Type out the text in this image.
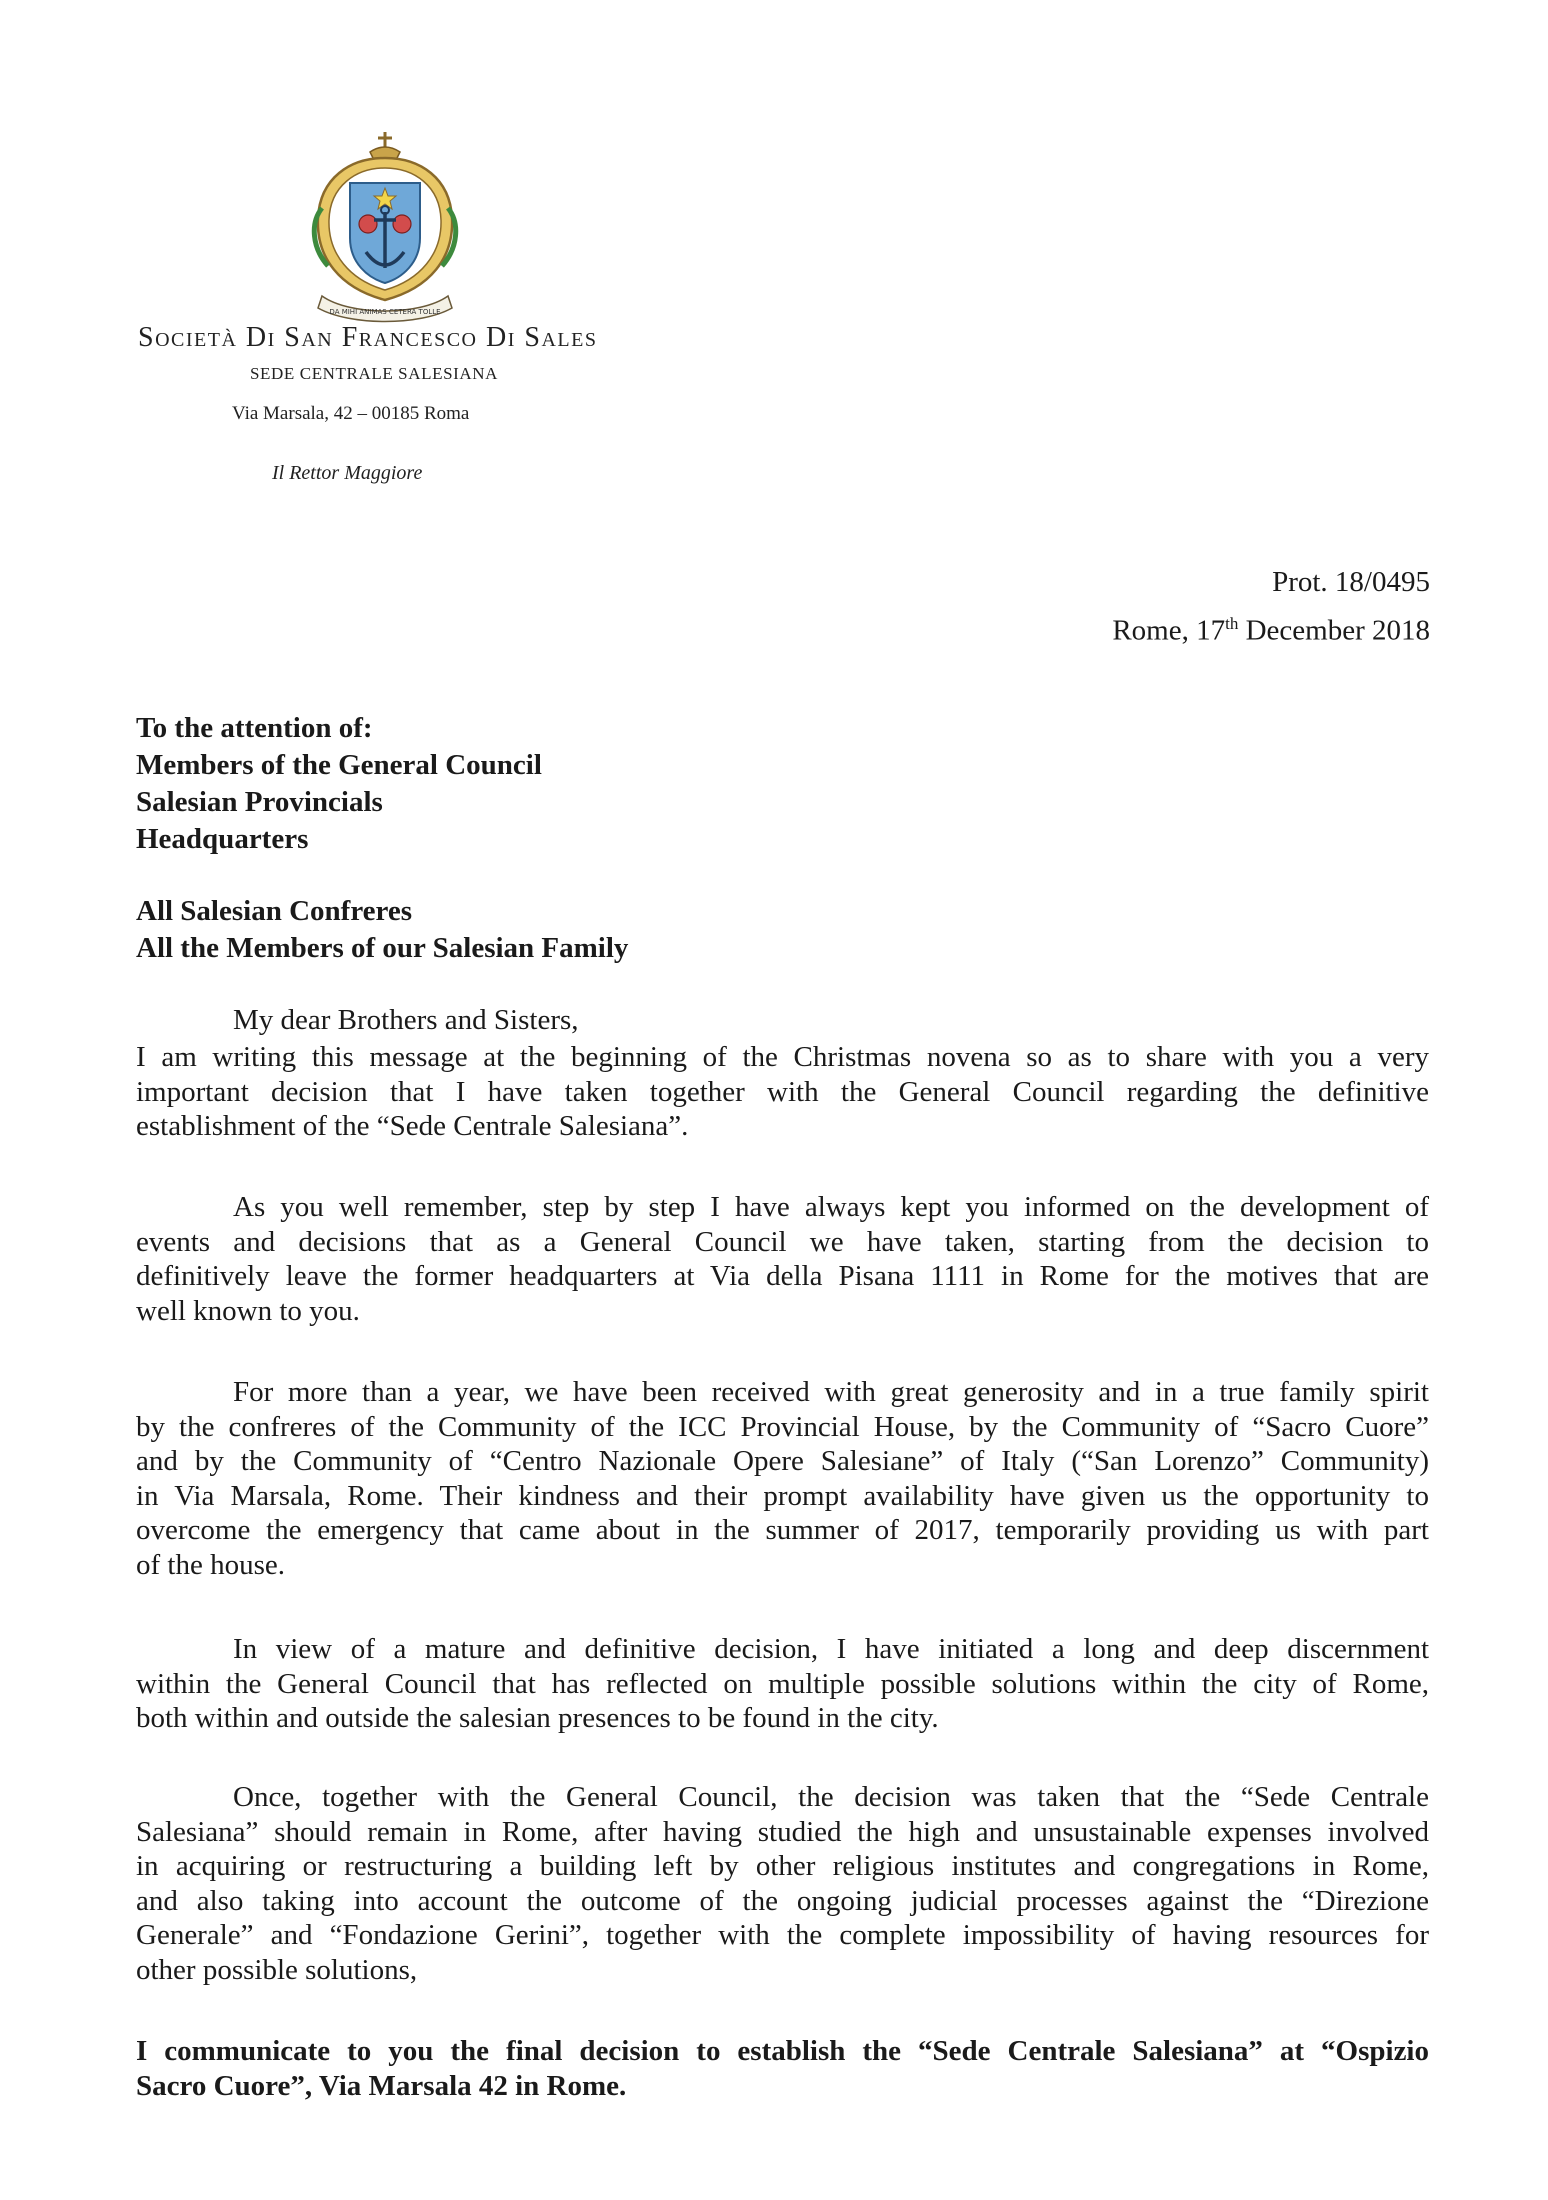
DA MIHI ANIMAS CETERA TOLLE
Società Di San Francesco Di Sales
SEDE CENTRALE SALESIANA
Via Marsala, 42 – 00185 Roma
Il Rettor Maggiore
Prot. 18/0495
Rome, 17th December 2018
To the attention of:
Members of the General Council
Salesian Provincials
Headquarters
All Salesian Confreres
All the Members of our Salesian Family
My dear Brothers and Sisters,
I am writing this message at the beginning of the Christmas novena so as to share with you a very
important decision that I have taken together with the General Council regarding the definitive
establishment of the “Sede Centrale Salesiana”.
As you well remember, step by step I have always kept you informed on the development of
events and decisions that as a General Council we have taken, starting from the decision to
definitively leave the former headquarters at Via della Pisana 1111 in Rome for the motives that are
well known to you.
For more than a year, we have been received with great generosity and in a true family spirit
by the confreres of the Community of the ICC Provincial House, by the Community of “Sacro Cuore”
and by the Community of “Centro Nazionale Opere Salesiane” of Italy (“San Lorenzo” Community)
in Via Marsala, Rome. Their kindness and their prompt availability have given us the opportunity to
overcome the emergency that came about in the summer of 2017, temporarily providing us with part
of the house.
In view of a mature and definitive decision, I have initiated a long and deep discernment
within the General Council that has reflected on multiple possible solutions within the city of Rome,
both within and outside the salesian presences to be found in the city.
Once, together with the General Council, the decision was taken that the “Sede Centrale
Salesiana” should remain in Rome, after having studied the high and unsustainable expenses involved
in acquiring or restructuring a building left by other religious institutes and congregations in Rome,
and also taking into account the outcome of the ongoing judicial processes against the “Direzione
Generale” and “Fondazione Gerini”, together with the complete impossibility of having resources for
other possible solutions,
I communicate to you the final decision to establish the “Sede Centrale Salesiana” at “Ospizio
Sacro Cuore”, Via Marsala 42 in Rome.
